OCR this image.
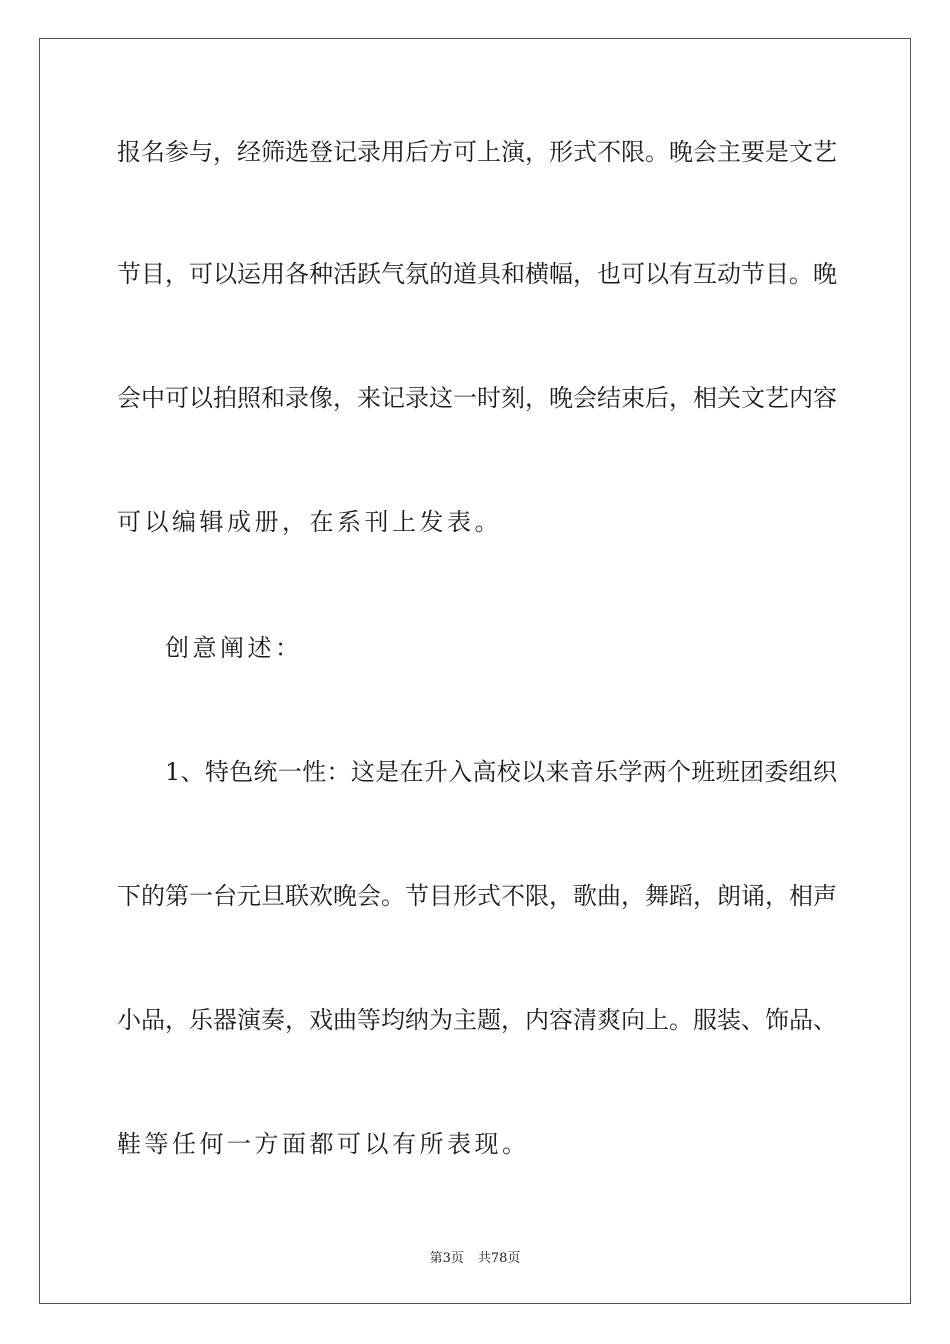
报名参与，经筛选登记录用后方可上演，形式不限。晚会主要是文艺
节目，可以运用各种活跃气氛的道具和横幅，也可以有互动节目。晚
会中可以拍照和录像，来记录这一时刻，晚会结束后，相关文艺内容
可以编辑成册，在系刊上发表。
创意阐述：
1、特色统一性：这是在升入高校以来音乐学两个班班团委组织
下的第一台元旦联欢晚会。节目形式不限，歌曲，舞蹈，朗诵，相声
小品，乐器演奏，戏曲等均纳为主题，内容清爽向上。服装、饰品、
鞋等任何一方面都可以有所表现。
第3页 共78页
